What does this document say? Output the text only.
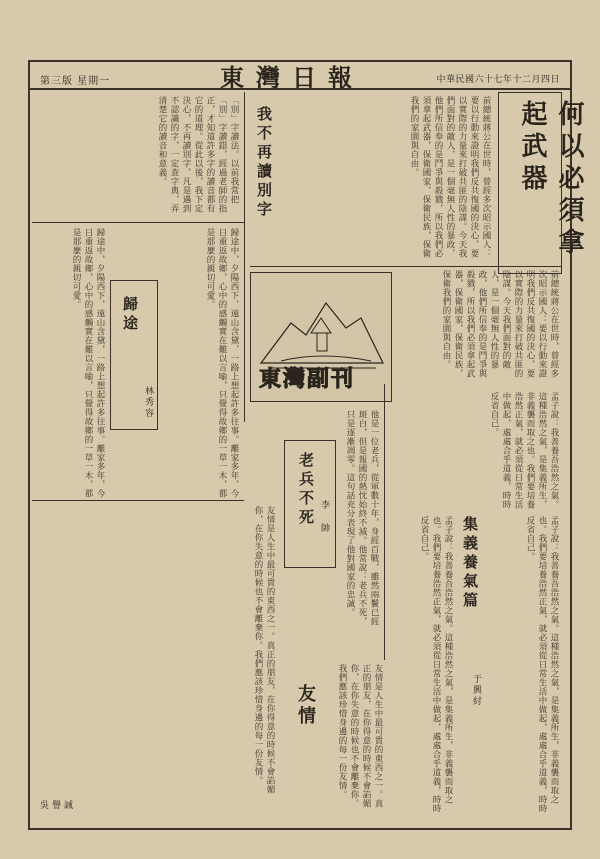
第三版 星期一	東灣日報	中華民國六十七年十二月四日
何以必須拿起武器
前總統蔣公在世時，曾經多次昭示國人：要以行動來證明我們反共復國的決心，要以實際的力量來打破共匪的陰謀。今天我們面對的敵人，是一個毫無人性的暴政，他們所信奉的是鬥爭與殺戮，所以我們必須拿起武器，保衛國家，保衛民族，保衛我們的家園與自由。
前總統蔣公在世時，曾經多次昭示國人：要以行動來證明我們反共復國的決心，要以實際的力量來打破共匪的陰謀。今天我們面對的敵人，是一個毫無人性的暴政，他們所信奉的是鬥爭與殺戮，所以我們必須拿起武器，保衛國家，保衛民族，保衛我們的家園與自由。
我不再讀別字
「別」字讀法。以前我常把「別」字讀錯，經過老師的指正，才知道許多字的讀音都有它的道理。從此以後，我下定決心，不再讀別字，凡是遇到不認識的字，一定查字典，弄清楚它的讀音和意義。
歸途
林秀容
歸途中，夕陽西下，遠山含黛，一路上想起許多往事。離家多年，今日重返故鄉，心中的感觸實在難以言喻，只覺得故鄉的一草一木，都是那麼的親切可愛。	歸途中，夕陽西下，遠山含黛，一路上想起許多往事。離家多年，今日重返故鄉，心中的感觸實在難以言喻，只覺得故鄉的一草一木，都是那麼的親切可愛。
東灣副刊
老兵不死 李 帥	他是一位老兵，從軍數十年，身經百戰，雖然兩鬢已經斑白，但是報國的熱忱始終不減。他常說：老兵不死，只是逐漸凋零。這句話充分表現了他對國家的忠誠。	集義養氣篇
于興紂
孟子說：我善養吾浩然之氣。這種浩然之氣，是集義所生，非義襲而取之也。我們要培養浩然正氣，就必須從日常生活中做起，處處合乎道義，時時反省自己。
孟子說：我善養吾浩然之氣。這種浩然之氣，是集義所生，非義襲而取之也。我們要培養浩然正氣，就必須從日常生活中做起，處處合乎道義，時時反省自己。
孟子說：我善養吾浩然之氣。這種浩然之氣，是集義所生，非義襲而取之也。我們要培養浩然正氣，就必須從日常生活中做起，處處合乎道義，時時反省自己。
友情
友情是人生中最可貴的東西之一。真正的朋友，在你得意的時候不會諂媚你，在你失意的時候也不會離棄你。我們應該珍惜身邊的每一份友情。	友情是人生中最可貴的東西之一。真正的朋友，在你得意的時候不會諂媚你，在你失意的時候也不會離棄你。我們應該珍惜身邊的每一份友情。
吳譽誠
